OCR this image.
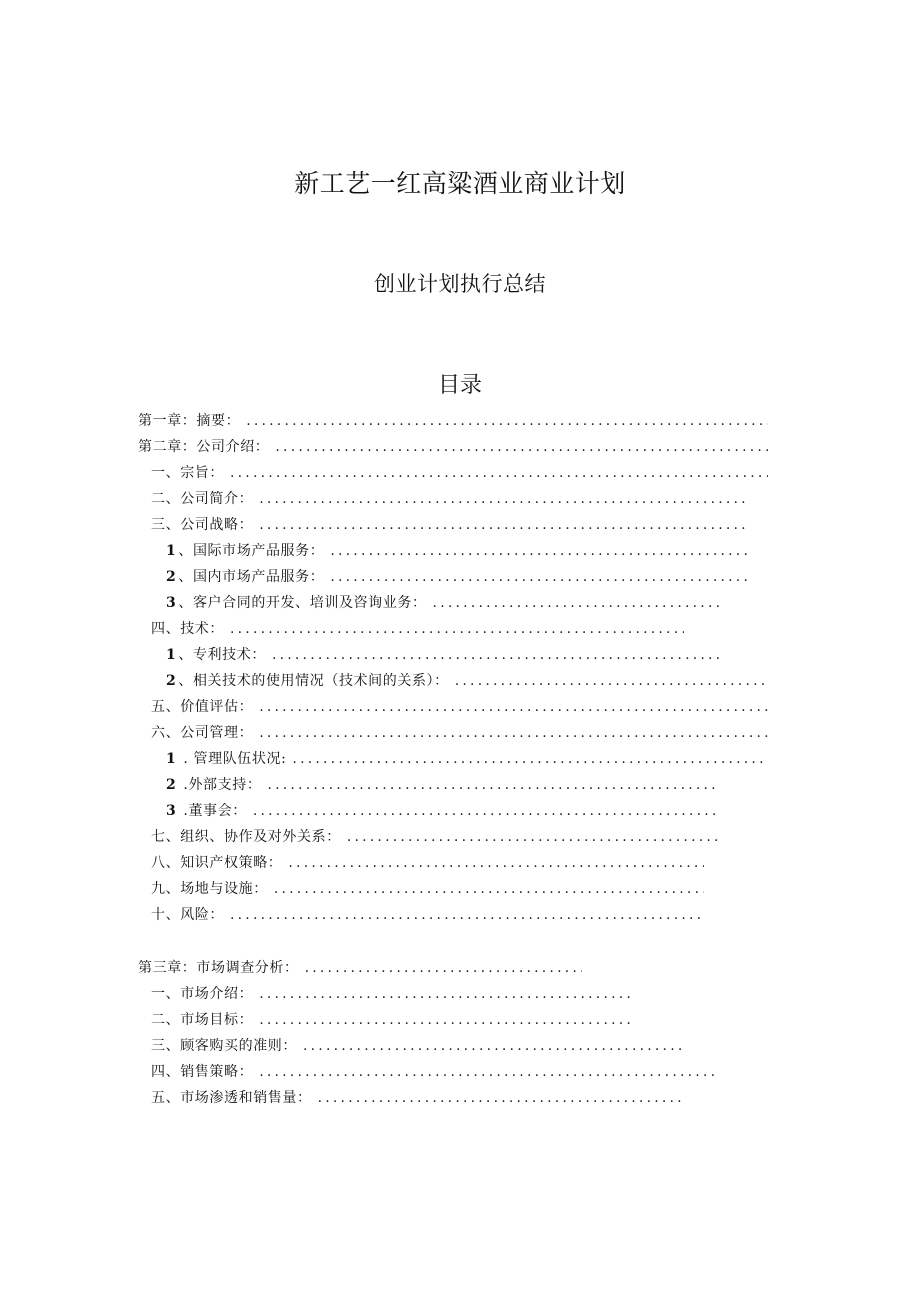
新工艺一红高粱酒业商业计划
创业计划执行总结
目录
第一章：摘要：
.....
第二章：公司介绍：
.....
一、宗旨：
.....
二、公司简介：
.....
三、公司战略：
.....
1 、国际市场产品服务：
.....
2 、国内市场产品服务：
.....
3 、客户合同的开发、培训及咨询业务：
.....
四、技术：
.....
1 、专利技术：
.....
2 、相关技术的使用情况（技术间的关系）：
.....
五、价值评估：
.....
六、公司管理：
.....
1 . 管理队伍状况:
.....
2 .外部支持：
.....
3 .董事会：
.....
七、组织、协作及对外关系：
.....
八、知识产权策略：
.....
九、场地与设施：
.....
十、风险：
.....
第三章：市场调查分析：
.....
一、市场介绍：
.....
二、市场目标：
.....
三、顾客购买的准则：
.....
四、销售策略：
.....
五、市场渗透和销售量：
.....
